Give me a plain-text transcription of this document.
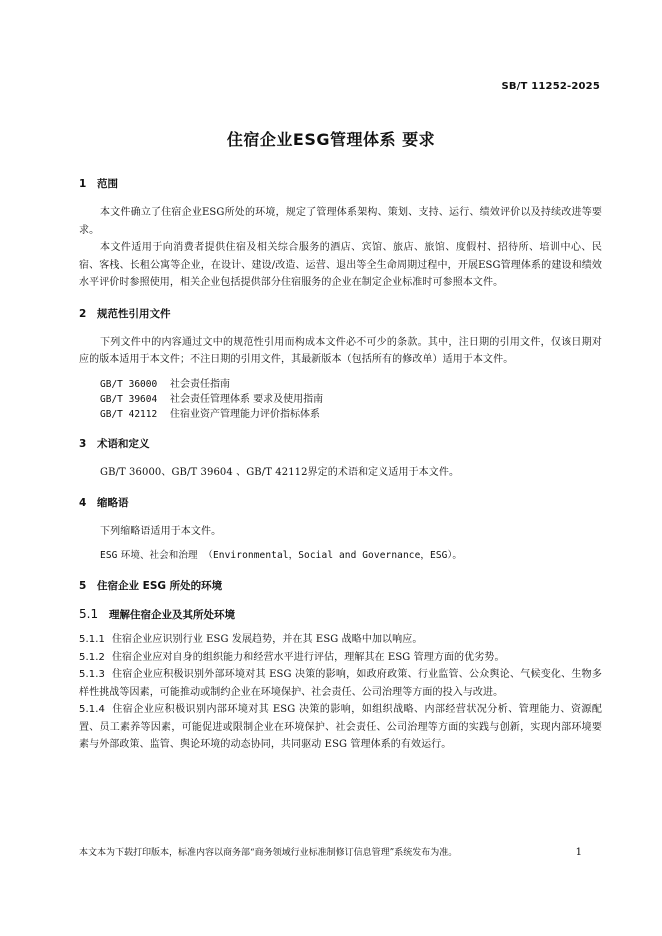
SB/T 11252-2025
住宿企业ESG管理体系 要求
1 范围

本文件确立了住宿企业ESG所处的环境，规定了管理体系架构、策划、支持、运行、绩效评价以及持续改进等要求。

本文件适用于向消费者提供住宿及相关综合服务的酒店、宾馆、旅店、旅馆、度假村、招待所、培训中心、民宿、客栈、长租公寓等企业，在设计、建设/改造、运营、退出等全生命周期过程中，开展ESG管理体系的建设和绩效水平评价时参照使用，相关企业包括提供部分住宿服务的企业在制定企业标准时可参照本文件。

2 规范性引用文件

下列文件中的内容通过文中的规范性引用而构成本文件必不可少的条款。其中，注日期的引用文件，仅该日期对应的版本适用于本文件；不注日期的引用文件，其最新版本（包括所有的修改单）适用于本文件。

GB/T 36000 社会责任指南
GB/T 39604 社会责任管理体系 要求及使用指南
GB/T 42112 住宿业资产管理能力评价指标体系
3 术语和定义

GB/T 36000、GB/T 39604 、GB/T 42112界定的术语和定义适用于本文件。

4 缩略语

下列缩略语适用于本文件。

ESG 环境、社会和治理 （Environmental，Social and Governance，ESG）。

5 住宿企业 ESG 所处的环境
5.1 理解住宿企业及其所处环境

5.1.1 住宿企业应识别行业 ESG 发展趋势，并在其 ESG 战略中加以响应。

5.1.2 住宿企业应对自身的组织能力和经营水平进行评估，理解其在 ESG 管理方面的优劣势。

5.1.3 住宿企业应积极识别外部环境对其 ESG 决策的影响，如政府政策、行业监管、公众舆论、气候变化、生物多样性挑战等因素，可能推动或制约企业在环境保护、社会责任、公司治理等方面的投入与改进。

5.1.4 住宿企业应积极识别内部环境对其 ESG 决策的影响，如组织战略、内部经营状况分析、管理能力、资源配置、员工素养等因素，可能促进或限制企业在环境保护、社会责任、公司治理等方面的实践与创新，实现内部环境要素与外部政策、监管、舆论环境的动态协同，共同驱动 ESG 管理体系的有效运行。

本文本为下载打印版本，标准内容以商务部“商务领域行业标准制修订信息管理”系统发布为准。	1
